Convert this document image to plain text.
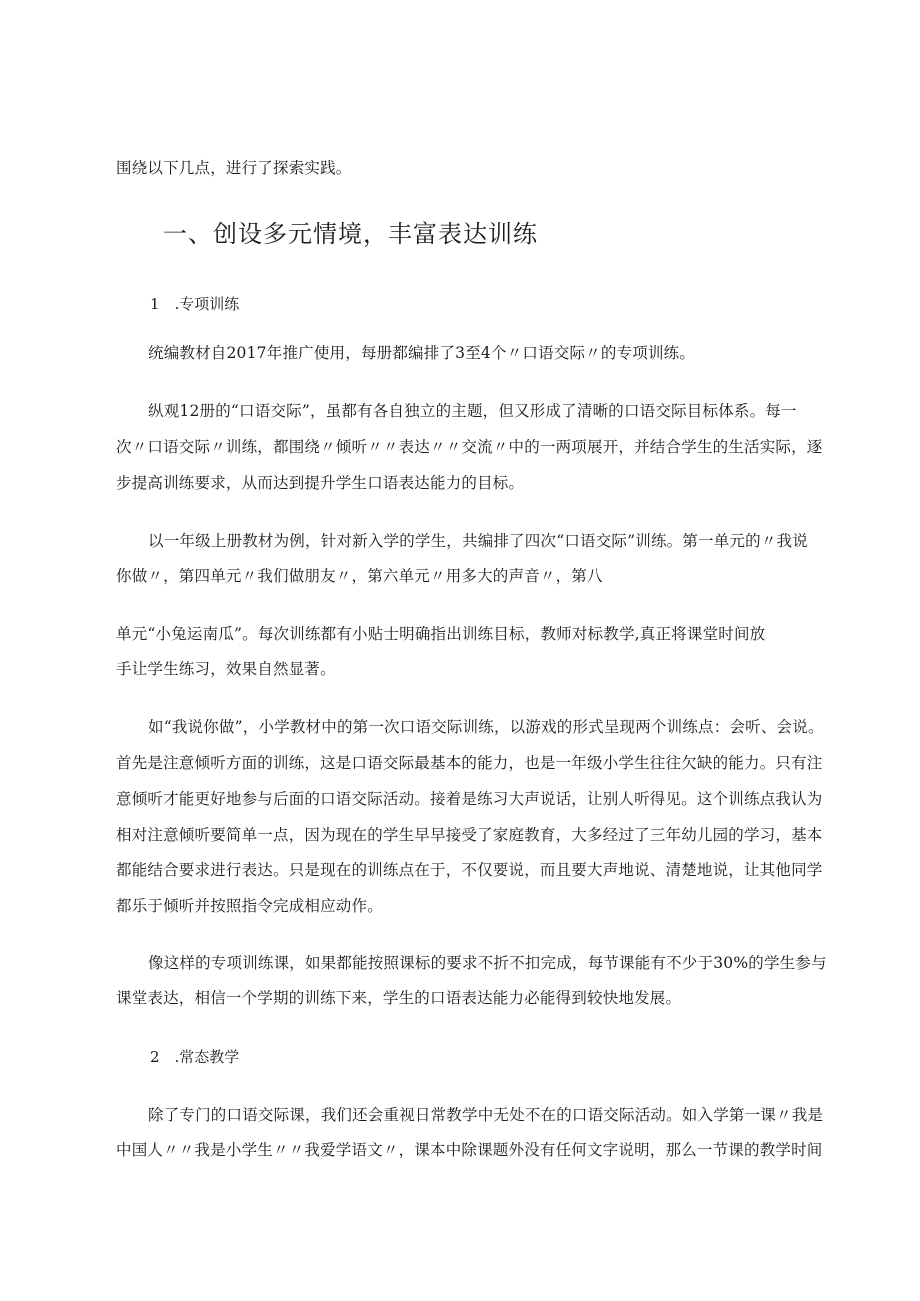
围绕以下几点，进行了探索实践。
一、创设多元情境，丰富表达训练
1　.专项训练
统编教材自2017年推广使用，每册都编排了3至4个〃口语交际〃的专项训练。
纵观12册的“口语交际”，虽都有各自独立的主题，但又形成了清晰的口语交际目标体系。每一
次〃口语交际〃训练，都围绕〃倾听〃〃表达〃〃交流〃中的一两项展开，并结合学生的生活实际，逐
步提高训练要求，从而达到提升学生口语表达能力的目标。
以一年级上册教材为例，针对新入学的学生，共编排了四次“口语交际”训练。第一单元的〃我说
你做〃，第四单元〃我们做朋友〃，第六单元〃用多大的声音〃，第八
单元“小兔运南瓜”。每次训练都有小贴士明确指出训练目标，教师对标教学,真正将课堂时间放
手让学生练习，效果自然显著。
如“我说你做”，小学教材中的第一次口语交际训练，以游戏的形式呈现两个训练点：会听、会说。
首先是注意倾听方面的训练，这是口语交际最基本的能力，也是一年级小学生往往欠缺的能力。只有注
意倾听才能更好地参与后面的口语交际活动。接着是练习大声说话，让别人听得见。这个训练点我认为
相对注意倾听要简单一点，因为现在的学生早早接受了家庭教育，大多经过了三年幼儿园的学习，基本
都能结合要求进行表达。只是现在的训练点在于，不仅要说，而且要大声地说、清楚地说，让其他同学
都乐于倾听并按照指令完成相应动作。
像这样的专项训练课，如果都能按照课标的要求不折不扣完成，每节课能有不少于30%的学生参与
课堂表达，相信一个学期的训练下来，学生的口语表达能力必能得到较快地发展。
2　.常态教学
除了专门的口语交际课，我们还会重视日常教学中无处不在的口语交际活动。如入学第一课〃我是
中国人〃〃我是小学生〃〃我爱学语文〃，课本中除课题外没有任何文字说明，那么一节课的教学时间
